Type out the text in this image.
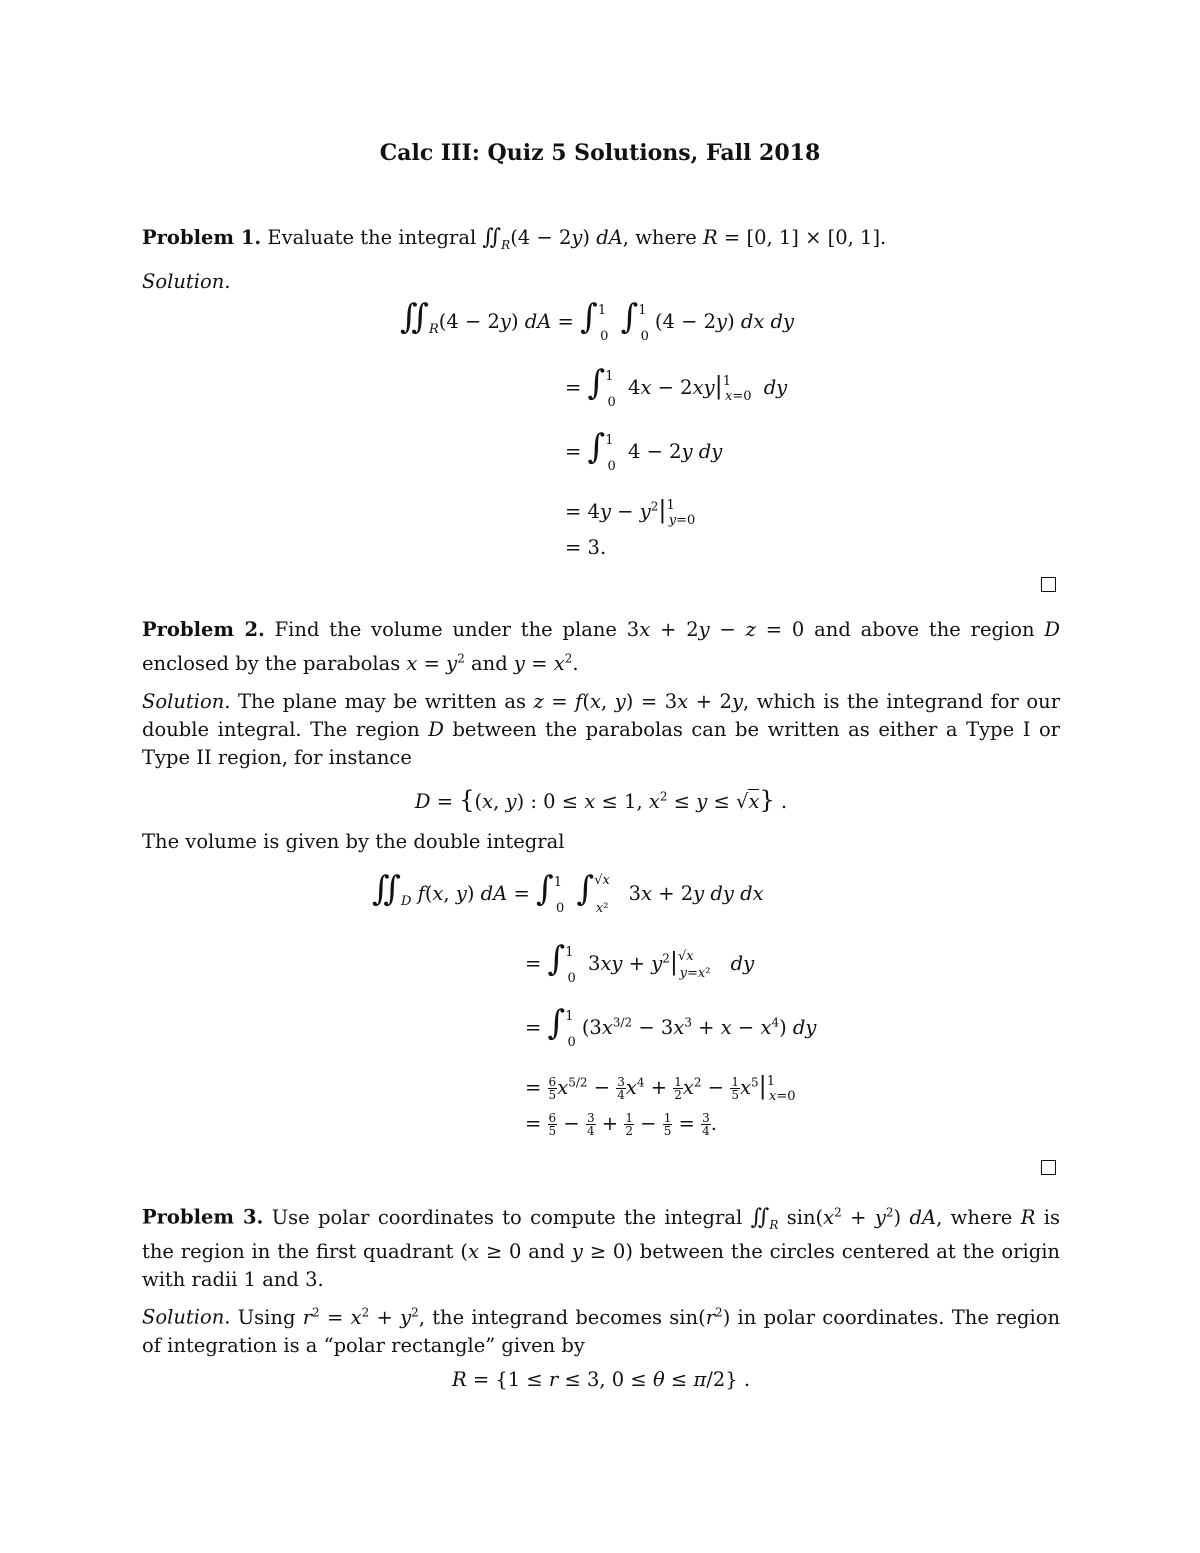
Calc III: Quiz 5 Solutions, Fall 2018
Problem 1. Evaluate the integral $∬_R(4 - 2y)$ dA, where R = [0, 1] × [0, 1].
Solution.
$∬_R(4 - 2y)$ dA = ∫$^1_0$ ∫$^1_0$(4 − 2y) dx dy
= ∫$^1_0$ $4x - 2xy|^1_{x=0}$ dy
= ∫$^1_0$ 4 − 2y dy
= $4y - y^2|^1_{y=0}$
= 3.
Problem 2. Find the volume under the plane 3x + 2y − z = 0 and above the region D enclosed by the parabolas $x = y^2$ and $y = x^2$.
Solution. The plane may be written as z = f(x, y) = 3x + 2y, which is the integrand for our double integral. The region D between the parabolas can be written as either a Type I or Type II region, for instance
D = {(x, y) : 0 ≤ x ≤ 1, $x^2 \le y \le √x$} .
The volume is given by the double integral
$∬_D$ f(x, y) dA = ∫$^1_0$ ∫$^{√x}_{x^2}$ 3x + 2y dy dx
= ∫$^1_0$ $3xy + y^2|^{√x}_{y=x^2}$ dy
= $\int^1_0(3x^{3/2} - 3x^3 + x - x^4)$ dy
= $\frac{6}{5} x^{5/2} - \frac{3}{4} x^4 + \frac{1}{2} x^2 - \frac{1}{5} x^5|^1_{x=0}$
= $\frac{6}{5} - \frac{3}{4} + \frac{1}{2} - \frac{1}{5} = \frac{3}{4}$ .
Problem 3. Use polar coordinates to compute the integral $∬_R$ $\sin(x^2 + y^2)$ dA, where R is the region in the first quadrant (x ≥ 0 and y ≥ 0) between the circles centered at the origin with radii 1 and 3.
Solution. Using $r^2 = x^2 + y^2$, the integrand becomes $\sin(r^2)$ in polar coordinates. The region of integration is a “polar rectangle” given by
R = {1 ≤ r ≤ 3, 0 ≤ θ ≤ π/2} .
